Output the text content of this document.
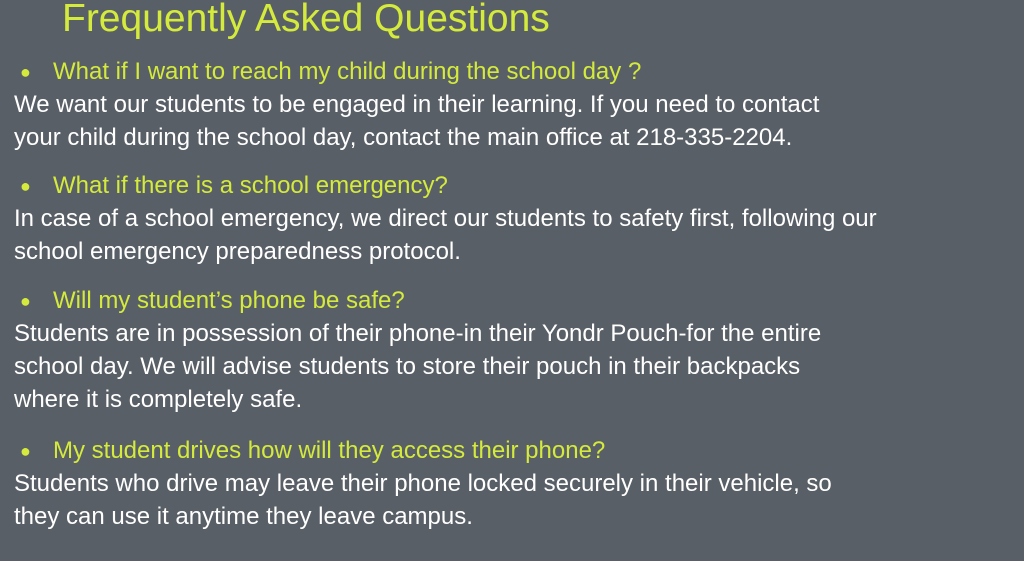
Frequently Asked Questions
● What if I want to reach my child during the school day ?
We want our students to be engaged in their learning. If you need to contact
your child during the school day, contact the main office at 218-335-2204.
● What if there is a school emergency?
In case of a school emergency, we direct our students to safety first, following our
school emergency preparedness protocol.
● Will my student’s phone be safe?
Students are in possession of their phone-in their Yondr Pouch-for the entire
school day. We will advise students to store their pouch in their backpacks
where it is completely safe.
● My student drives how will they access their phone?
Students who drive may leave their phone locked securely in their vehicle, so
they can use it anytime they leave campus.
